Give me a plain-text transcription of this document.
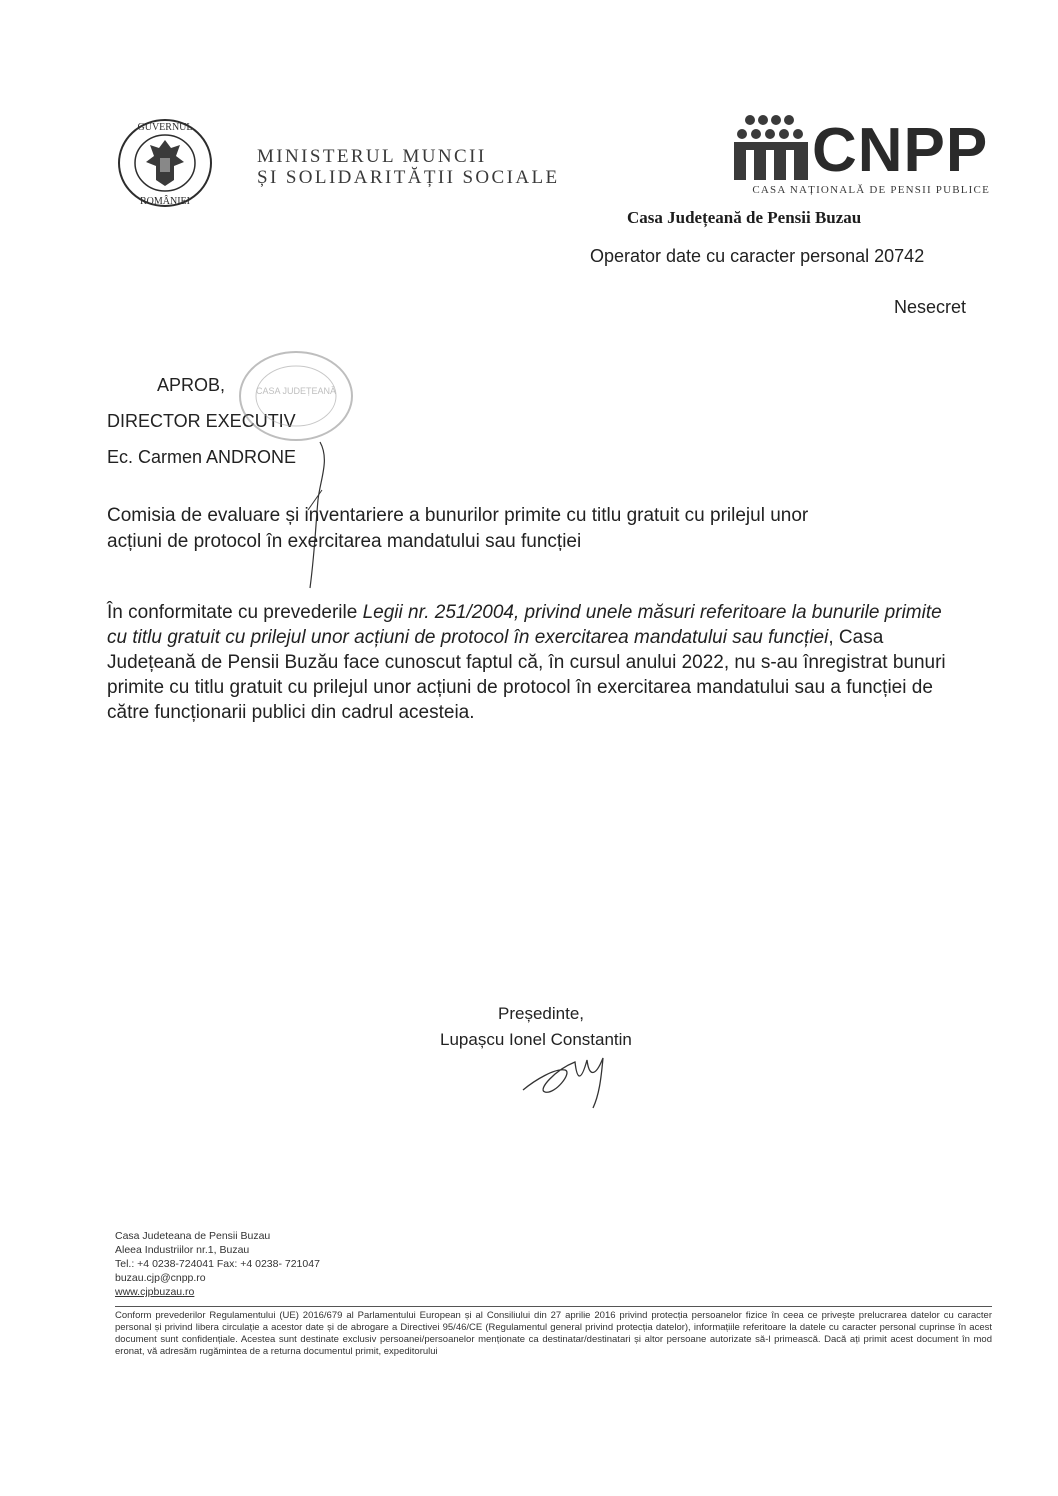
GUVERNUL
ROMÂNIEI
MINISTERUL MUNCII
ȘI SOLIDARITĂȚII SOCIALE	CNPP
CASA NAȚIONALĂ DE PENSII PUBLICE
Casa Județeană de Pensii Buzau
Operator date cu caracter personal 20742
Nesecret
APROB,
DIRECTOR EXECUTIV
Ec. Carmen ANDRONE
CASA JUDEȚEANĂ
Comisia de evaluare și inventariere a bunurilor primite cu titlu gratuit cu prilejul unor
acțiuni de protocol în exercitarea mandatului sau funcției
În conformitate cu prevederile Legii nr. 251/2004, privind unele măsuri referitoare la bunurile primite cu titlu gratuit cu prilejul unor acțiuni de protocol în exercitarea mandatului sau funcției, Casa Județeană de Pensii Buzău face cunoscut faptul că, în cursul anului 2022, nu s-au înregistrat bunuri primite cu titlu gratuit cu prilejul unor acțiuni de protocol în exercitarea mandatului sau a funcției de către funcționarii publici din cadrul acesteia.
Președinte,
Lupașcu Ionel Constantin
Casa Judeteana de Pensii Buzau
Aleea Industriilor nr.1, Buzau
Tel.: +4 0238-724041 Fax: +4 0238- 721047
buzau.cjp@cnpp.ro
www.cjpbuzau.ro
Conform prevederilor Regulamentului (UE) 2016/679 al Parlamentului European și al Consiliului din 27 aprilie 2016 privind protecția persoanelor fizice în ceea ce privește prelucrarea datelor cu caracter personal și privind libera circulație a acestor date și de abrogare a Directivei 95/46/CE (Regulamentul general privind protecția datelor), informațiile referitoare la datele cu caracter personal cuprinse în acest document sunt confidențiale. Acestea sunt destinate exclusiv persoanei/persoanelor menționate ca destinatar/destinatari și altor persoane autorizate să-l primească. Dacă ați primit acest document în mod eronat, vă adresăm rugămintea de a returna documentul primit, expeditorului
